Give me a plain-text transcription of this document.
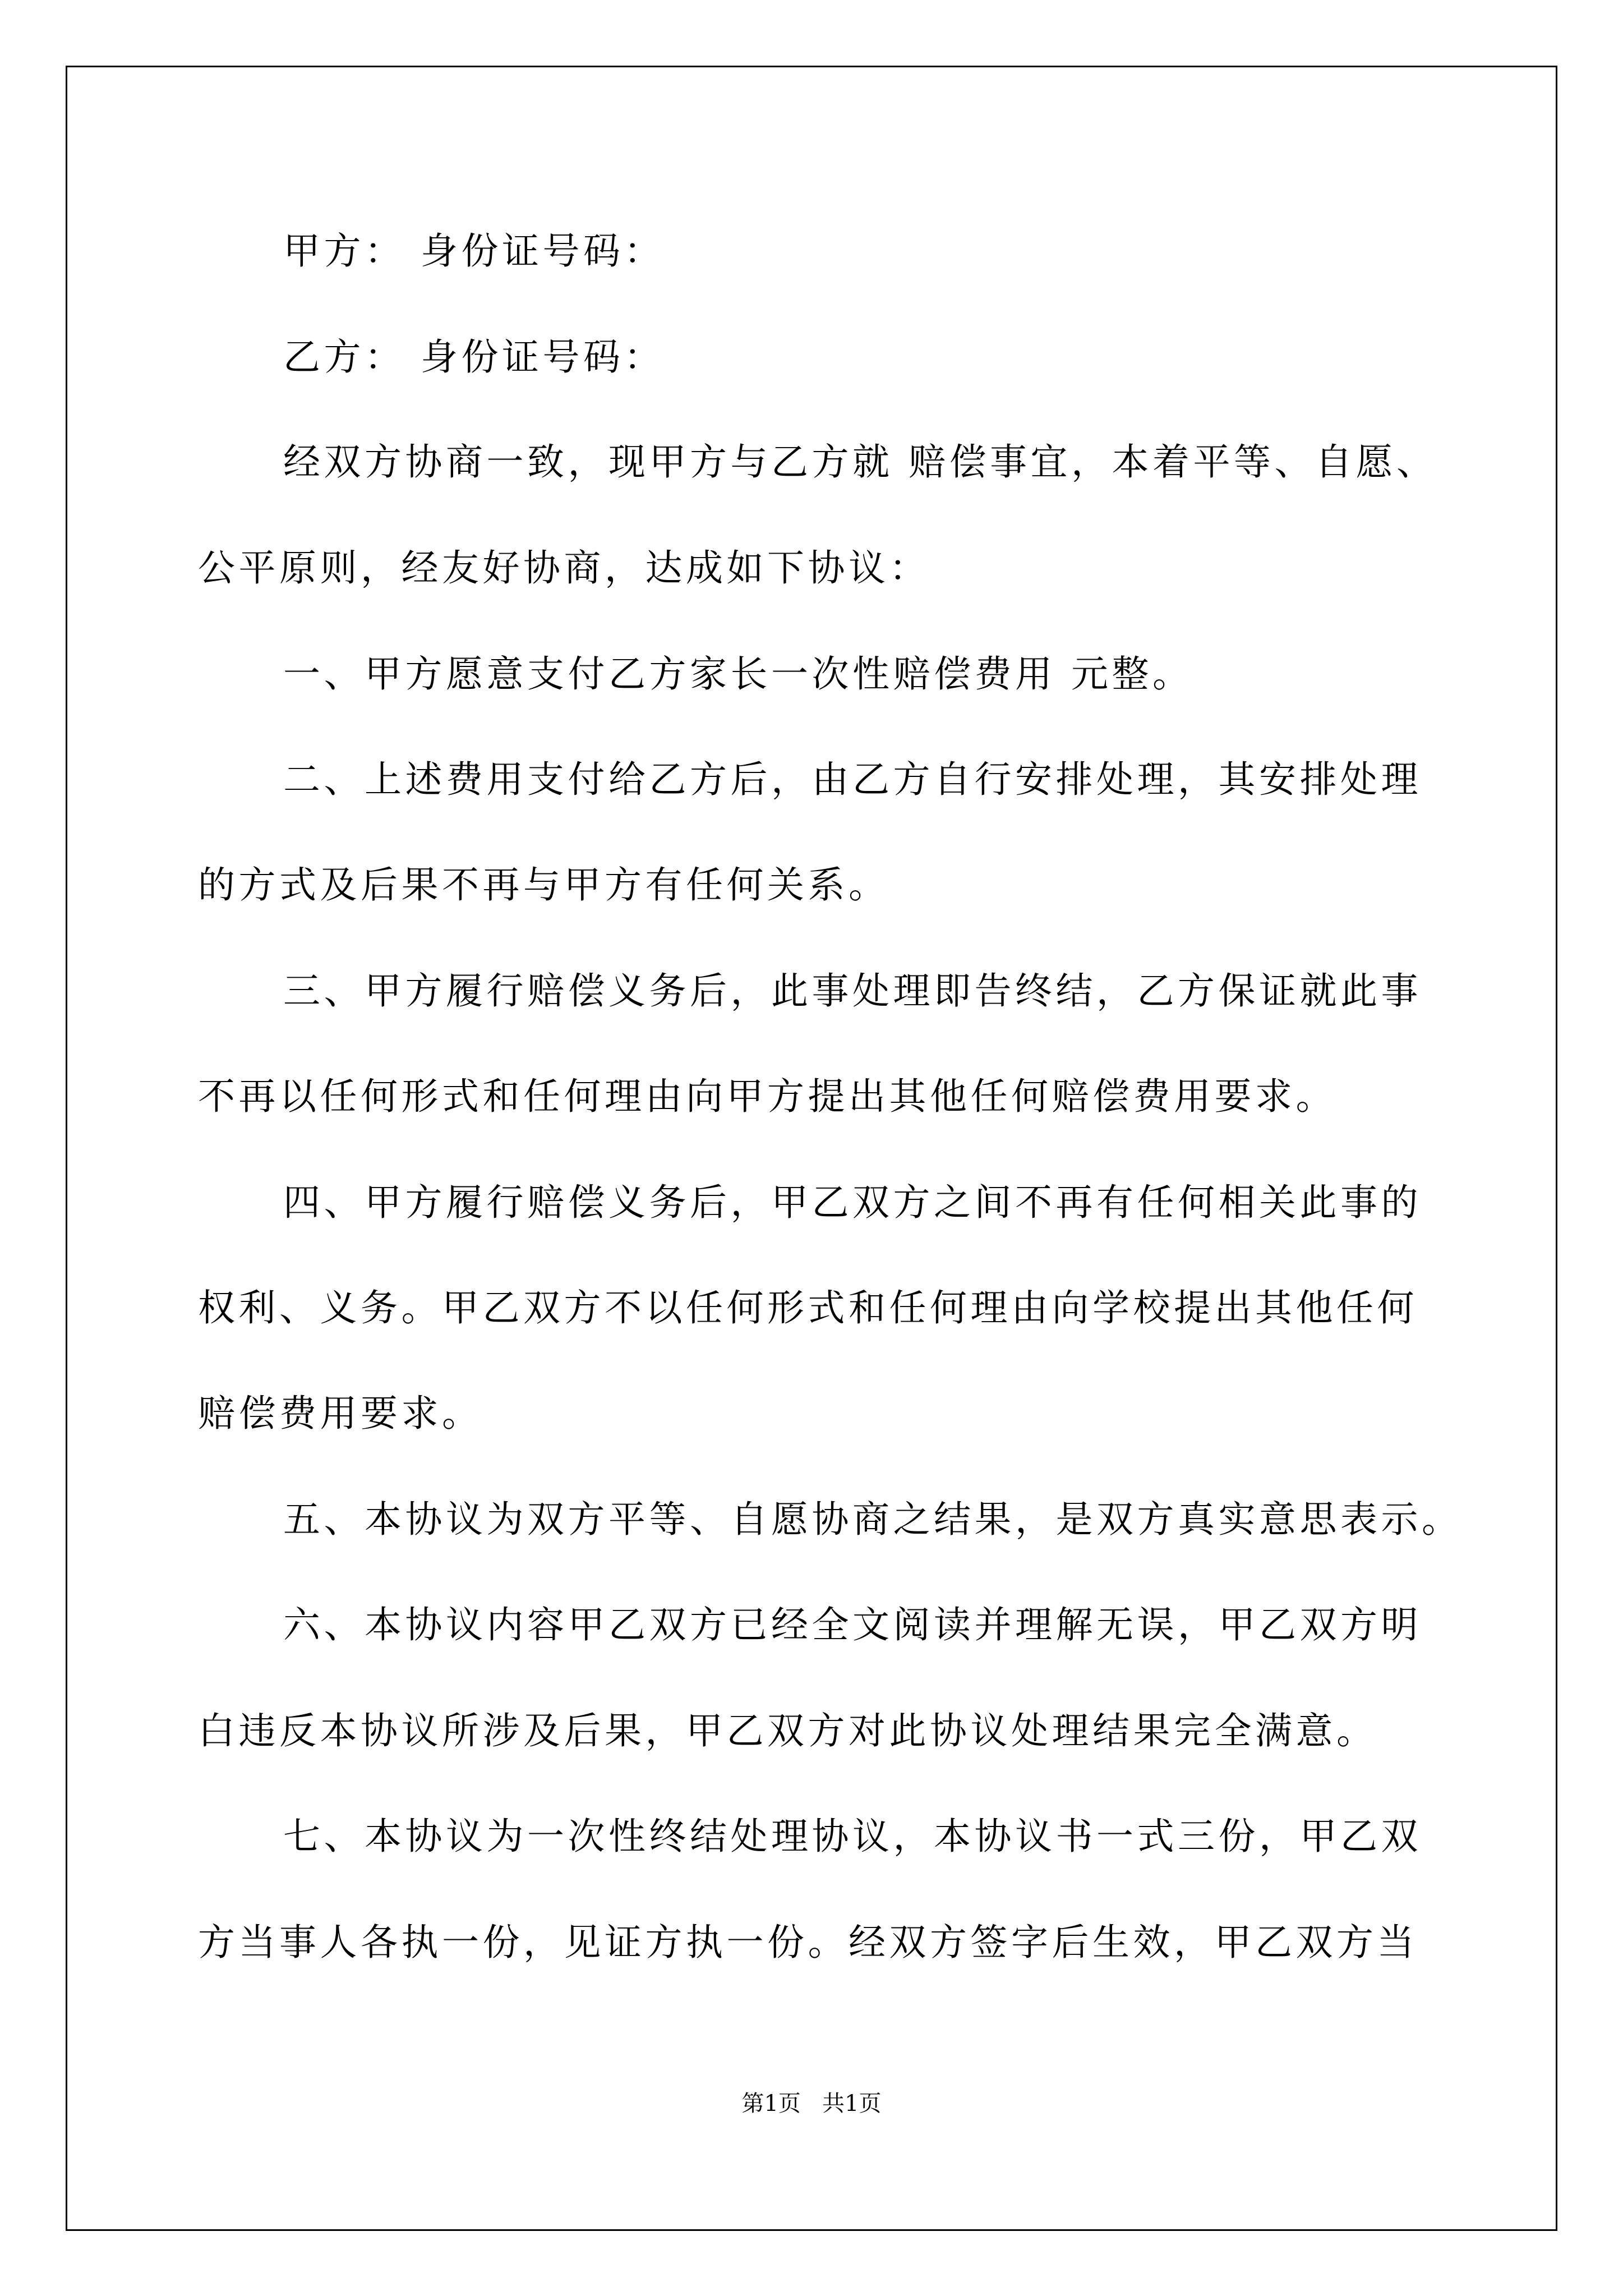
甲方： 身份证号码：
乙方： 身份证号码：
经双方协商一致，现甲方与乙方就 赔偿事宜，本着平等、自愿、
公平原则，经友好协商，达成如下协议：
一、甲方愿意支付乙方家长一次性赔偿费用 元整。
二、上述费用支付给乙方后，由乙方自行安排处理，其安排处理
的方式及后果不再与甲方有任何关系。
三、甲方履行赔偿义务后，此事处理即告终结，乙方保证就此事
不再以任何形式和任何理由向甲方提出其他任何赔偿费用要求。
四、甲方履行赔偿义务后，甲乙双方之间不再有任何相关此事的
权利、义务。甲乙双方不以任何形式和任何理由向学校提出其他任何
赔偿费用要求。
五、本协议为双方平等、自愿协商之结果，是双方真实意思表示。
六、本协议内容甲乙双方已经全文阅读并理解无误，甲乙双方明
白违反本协议所涉及后果，甲乙双方对此协议处理结果完全满意。
七、本协议为一次性终结处理协议，本协议书一式三份，甲乙双
方当事人各执一份，见证方执一份。经双方签字后生效，甲乙双方当
第1页   共1页
